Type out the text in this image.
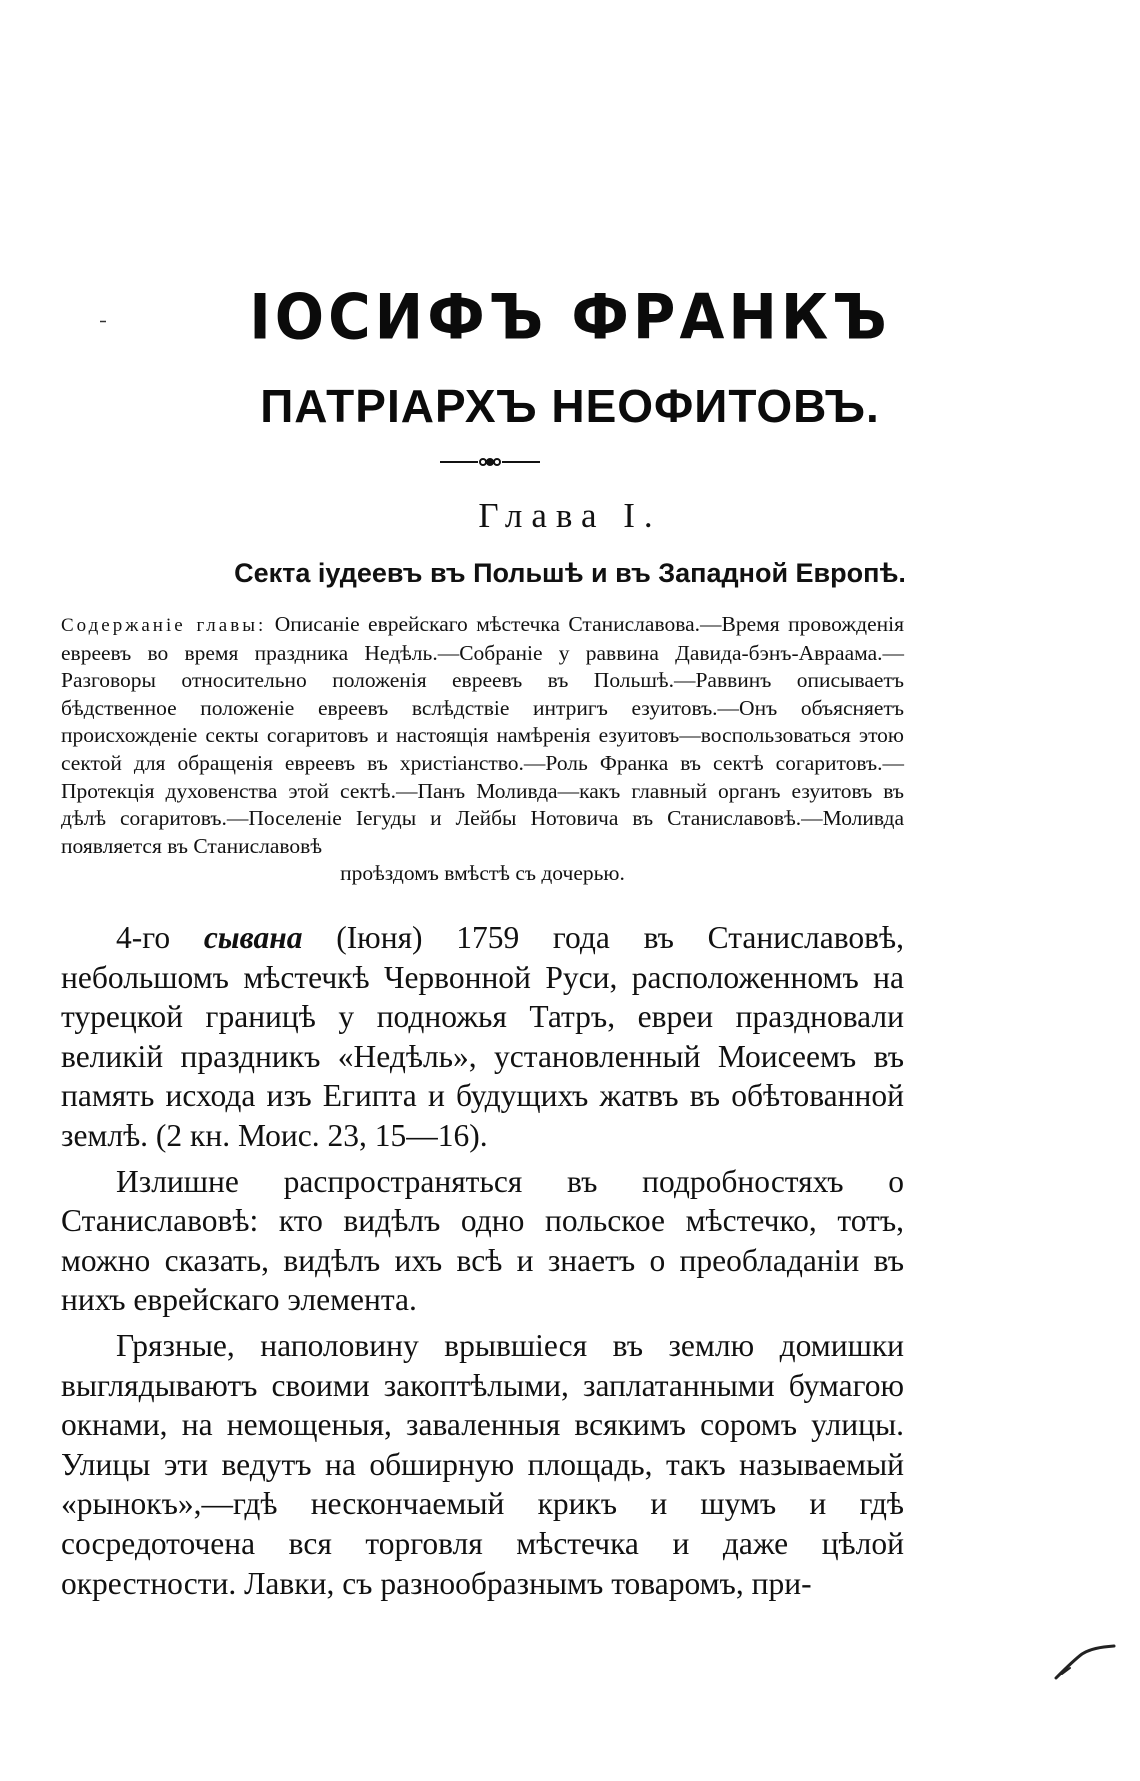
ІОСИФЪ ФРАНКЪ
ПАТРІАРХЪ НЕОФИТОВЪ.
Глава I.
Секта іудеевъ въ Польшѣ и въ Западной Европѣ.

Содержаніе главы: Описаніе еврейскаго мѣстечка Станиславова.—Время провожденія евреевъ во время праздника Недѣль.—Собраніе у раввина Давида-бэнъ-Авраама.—Разговоры относительно положенія евреевъ въ Польшѣ.—Раввинъ описываетъ бѣдственное положеніе евреевъ вслѣдствіе интригъ езуитовъ.—Онъ объясняетъ происхожденіе секты согаритовъ и настоящія намѣренія езуитовъ—воспользоваться этою сектой для обращенія евреевъ въ христіанство.—Роль Франка въ сектѣ согаритовъ.—Протекція духовенства этой сектѣ.—Панъ Моливда—какъ главный органъ езуитовъ въ дѣлѣ согаритовъ.—Поселеніе Іегуды и Лейбы Нотовича въ Станиславовѣ.—Моливда появляется въ Станиславовѣ

проѣздомъ вмѣстѣ съ дочерью.

4-го сывана (Іюня) 1759 года въ Станиславовѣ, небольшомъ мѣстечкѣ Червонной Руси, расположенномъ на турецкой границѣ у подножья Татръ, евреи праздновали великій праздникъ «Недѣль», установленный Моисеемъ въ память исхода изъ Египта и будущихъ жатвъ въ обѣтованной землѣ. (2 кн. Моис. 23, 15—16).

Излишне распространяться въ подробностяхъ о Станиславовѣ: кто видѣлъ одно польское мѣстечко, тотъ, можно сказать, видѣлъ ихъ всѣ и знаетъ о преобладаніи въ нихъ еврейскаго элемента.

Грязные, наполовину врывшіеся въ землю домишки выглядываютъ своими закоптѣлыми, заплатанными бумагою окнами, на немощеныя, заваленныя всякимъ соромъ улицы. Улицы эти ведутъ на обширную площадь, такъ называемый «рынокъ»,—гдѣ нескончаемый крикъ и шумъ и гдѣ сосредоточена вся торговля мѣстечка и даже цѣлой окрестности. Лавки, съ разнообразнымъ товаромъ, при-
